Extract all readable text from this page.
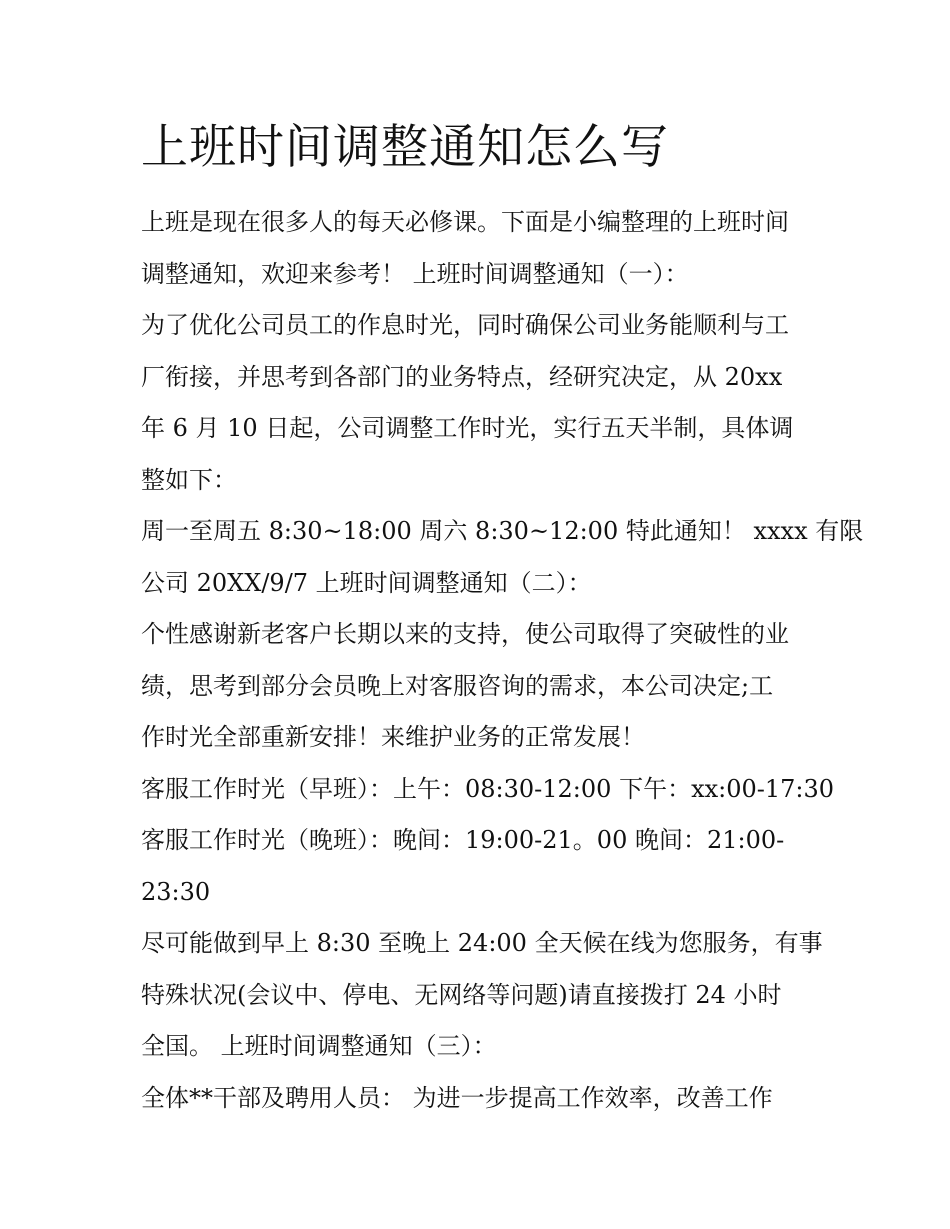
上班时间调整通知怎么写
上班是现在很多人的每天必修课。下面是小编整理的上班时间
调整通知，欢迎来参考！ 上班时间调整通知（一）：
为了优化公司员工的作息时光，同时确保公司业务能顺利与工
厂衔接，并思考到各部门的业务特点，经研究决定，从 20xx
年 6 月 10 日起，公司调整工作时光，实行五天半制，具体调
整如下：
周一至周五 8:30~18:00 周六 8:30~12:00 特此通知！ xxxx 有限
公司 20XX/9/7 上班时间调整通知（二）：
个性感谢新老客户长期以来的支持，使公司取得了突破性的业
绩，思考到部分会员晚上对客服咨询的需求，本公司决定;工
作时光全部重新安排！来维护业务的正常发展！
客服工作时光（早班）：上午：08:30-12:00 下午：xx:00-17:30
客服工作时光（晚班）：晚间：19:00-21。00 晚间：21:00-
23:30
尽可能做到早上 8:30 至晚上 24:00 全天候在线为您服务，有事
特殊状况(会议中、停电、无网络等问题)请直接拨打 24 小时
全国。 上班时间调整通知（三）：
全体**干部及聘用人员： 为进一步提高工作效率，改善工作
